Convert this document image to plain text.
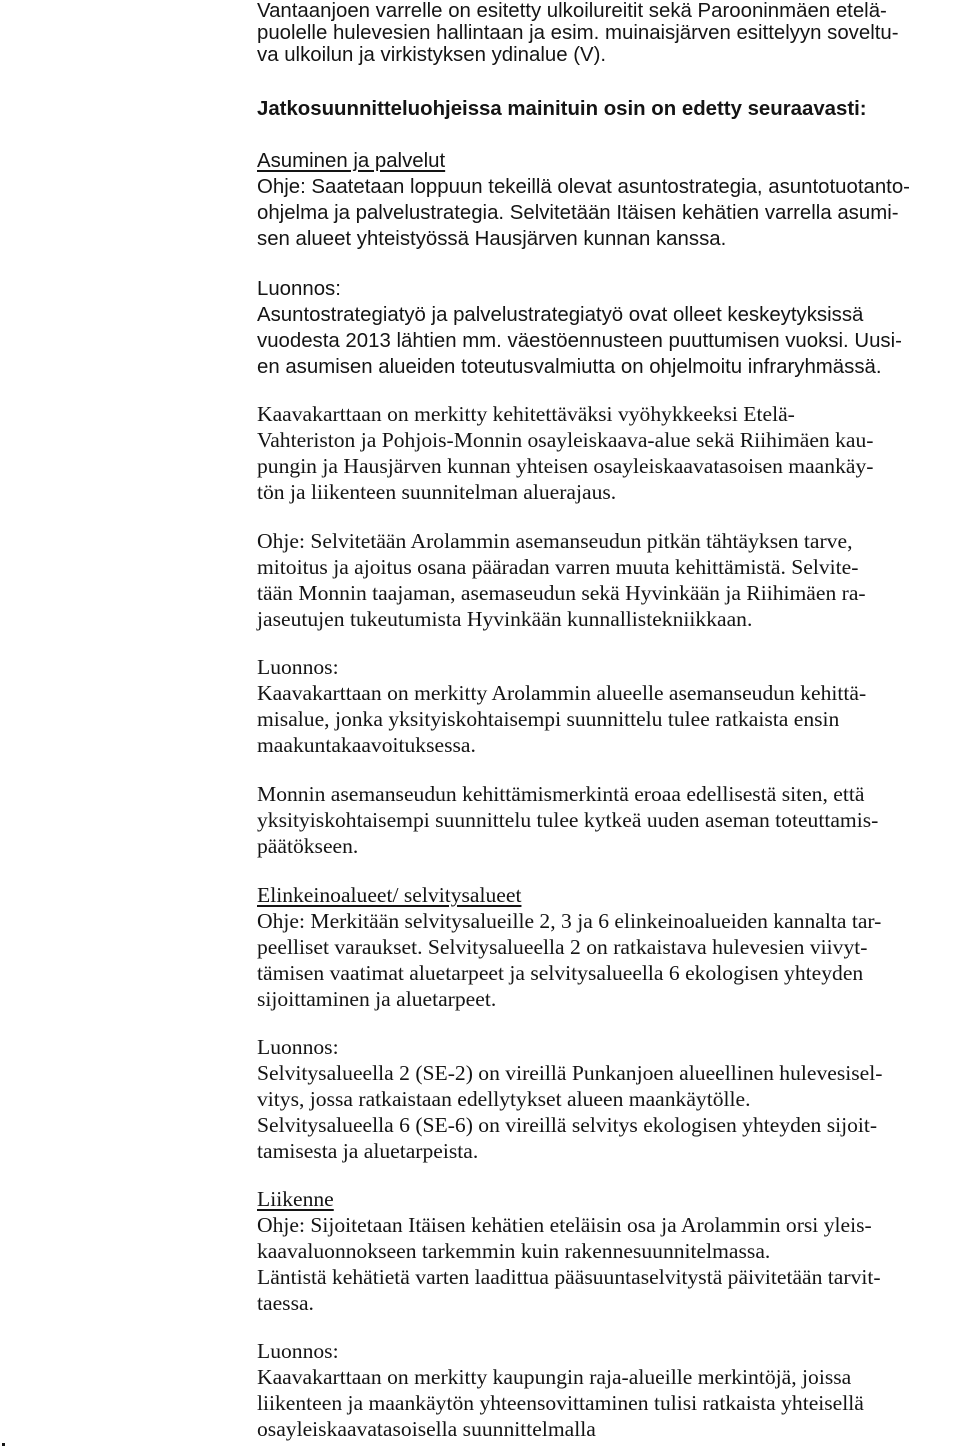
Vantaanjoen varrelle on esitetty ulkoilureitit sekä Parooninmäen etelä-
puolelle hulevesien hallintaan ja esim. muinaisjärven esittelyyn soveltu-
va ulkoilun ja virkistyksen ydinalue (V).
Jatkosuunnitteluohjeissa mainituin osin on edetty seuraavasti:
Asuminen ja palvelut
Ohje: Saatetaan loppuun tekeillä olevat asuntostrategia, asuntotuotanto-
ohjelma ja palvelustrategia. Selvitetään Itäisen kehätien varrella asumi-
sen alueet yhteistyössä Hausjärven kunnan kanssa.
Luonnos:
Asuntostrategiatyö ja palvelustrategiatyö ovat olleet keskeytyksissä
vuodesta 2013 lähtien mm. väestöennusteen puuttumisen vuoksi. Uusi-
en asumisen alueiden toteutusvalmiutta on ohjelmoitu infraryhmässä.
Kaavakarttaan on merkitty kehitettäväksi vyöhykkeeksi Etelä-
Vahteriston ja Pohjois-Monnin osayleiskaava-alue sekä Riihimäen kau-
pungin ja Hausjärven kunnan yhteisen osayleiskaavatasoisen maankäy-
tön ja liikenteen suunnitelman aluerajaus.
Ohje: Selvitetään Arolammin asemanseudun pitkän tähtäyksen tarve,
mitoitus ja ajoitus osana pääradan varren muuta kehittämistä. Selvite-
tään Monnin taajaman, asemaseudun sekä Hyvinkään ja Riihimäen ra-
jaseutujen tukeutumista Hyvinkään kunnallistekniikkaan.
Luonnos:
Kaavakarttaan on merkitty Arolammin alueelle asemanseudun kehittä-
misalue, jonka yksityiskohtaisempi suunnittelu tulee ratkaista ensin
maakuntakaavoituksessa.
Monnin asemanseudun kehittämismerkintä eroaa edellisestä siten, että
yksityiskohtaisempi suunnittelu tulee kytkeä uuden aseman toteuttamis-
päätökseen.
Elinkeinoalueet/ selvitysalueet
Ohje: Merkitään selvitysalueille 2, 3 ja 6 elinkeinoalueiden kannalta tar-
peelliset varaukset. Selvitysalueella 2 on ratkaistava hulevesien viivyt-
tämisen vaatimat aluetarpeet ja selvitysalueella 6 ekologisen yhteyden
sijoittaminen ja aluetarpeet.
Luonnos:
Selvitysalueella 2 (SE-2) on vireillä Punkanjoen alueellinen hulevesisel-
vitys, jossa ratkaistaan edellytykset alueen maankäytölle.
Selvitysalueella 6 (SE-6) on vireillä selvitys ekologisen yhteyden sijoit-
tamisesta ja aluetarpeista.
Liikenne
Ohje: Sijoitetaan Itäisen kehätien eteläisin osa ja Arolammin orsi yleis-
kaavaluonnokseen tarkemmin kuin rakennesuunnitelmassa.
Läntistä kehätietä varten laadittua pääsuuntaselvitystä päivitetään tarvit-
taessa.
Luonnos:
Kaavakarttaan on merkitty kaupungin raja-alueille merkintöjä, joissa
liikenteen ja maankäytön yhteensovittaminen tulisi ratkaista yhteisellä
osayleiskaavatasoisella suunnittelmalla
